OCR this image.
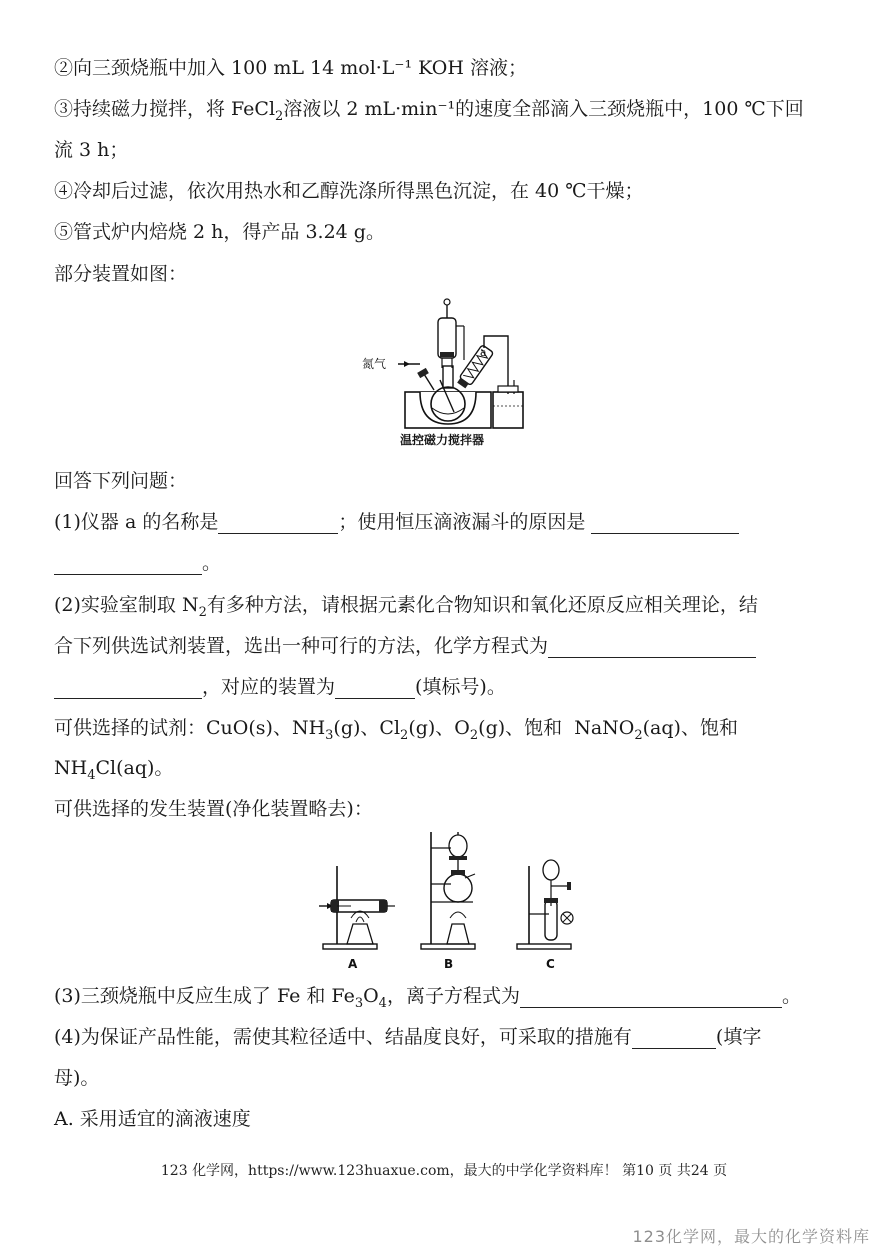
②向三颈烧瓶中加入 100 mL 14 mol·L⁻¹ KOH 溶液；
③持续磁力搅拌，将 FeCl$_2$溶液以 2 mL·min⁻¹的速度全部滴入三颈烧瓶中，100 ℃下回
流 3 h；
④冷却后过滤，依次用热水和乙醇洗涤所得黑色沉淀，在 40 ℃干燥；
⑤管式炉内焙烧 2 h，得产品 3.24 g。
部分装置如图：
氮气
a
温控磁力搅拌器
回答下列问题：
(1)仪器 a 的名称是	；使用恒压滴液漏斗的原因是
。
(2)实验室制取 $N_2$有多种方法，请根据元素化合物知识和氧化还原反应相关理论，结
合下列供选试剂装置，选出一种可行的方法，化学方程式为
，对应的装置为	(填标号)。
可供选择的试剂：CuO(s)、$NH_3(g)$、$Cl_2(g)$、$O_2(g)$、饱和 NaNO$_2$(aq)、饱和
$NH_4Cl(aq)$。
可供选择的发生装置(净化装置略去)：
A	B	C
(3)三颈烧瓶中反应生成了 Fe 和 $Fe_3O_4$，离子方程式为	。
(4)为保证产品性能，需使其粒径适中、结晶度良好，可采取的措施有	(填字
母)。
A. 采用适宜的滴液速度
123 化学网，https://www.123huaxue.com，最大的中学化学资料库！ 第10 页 共24 页
123化学网，最大的化学资料库
